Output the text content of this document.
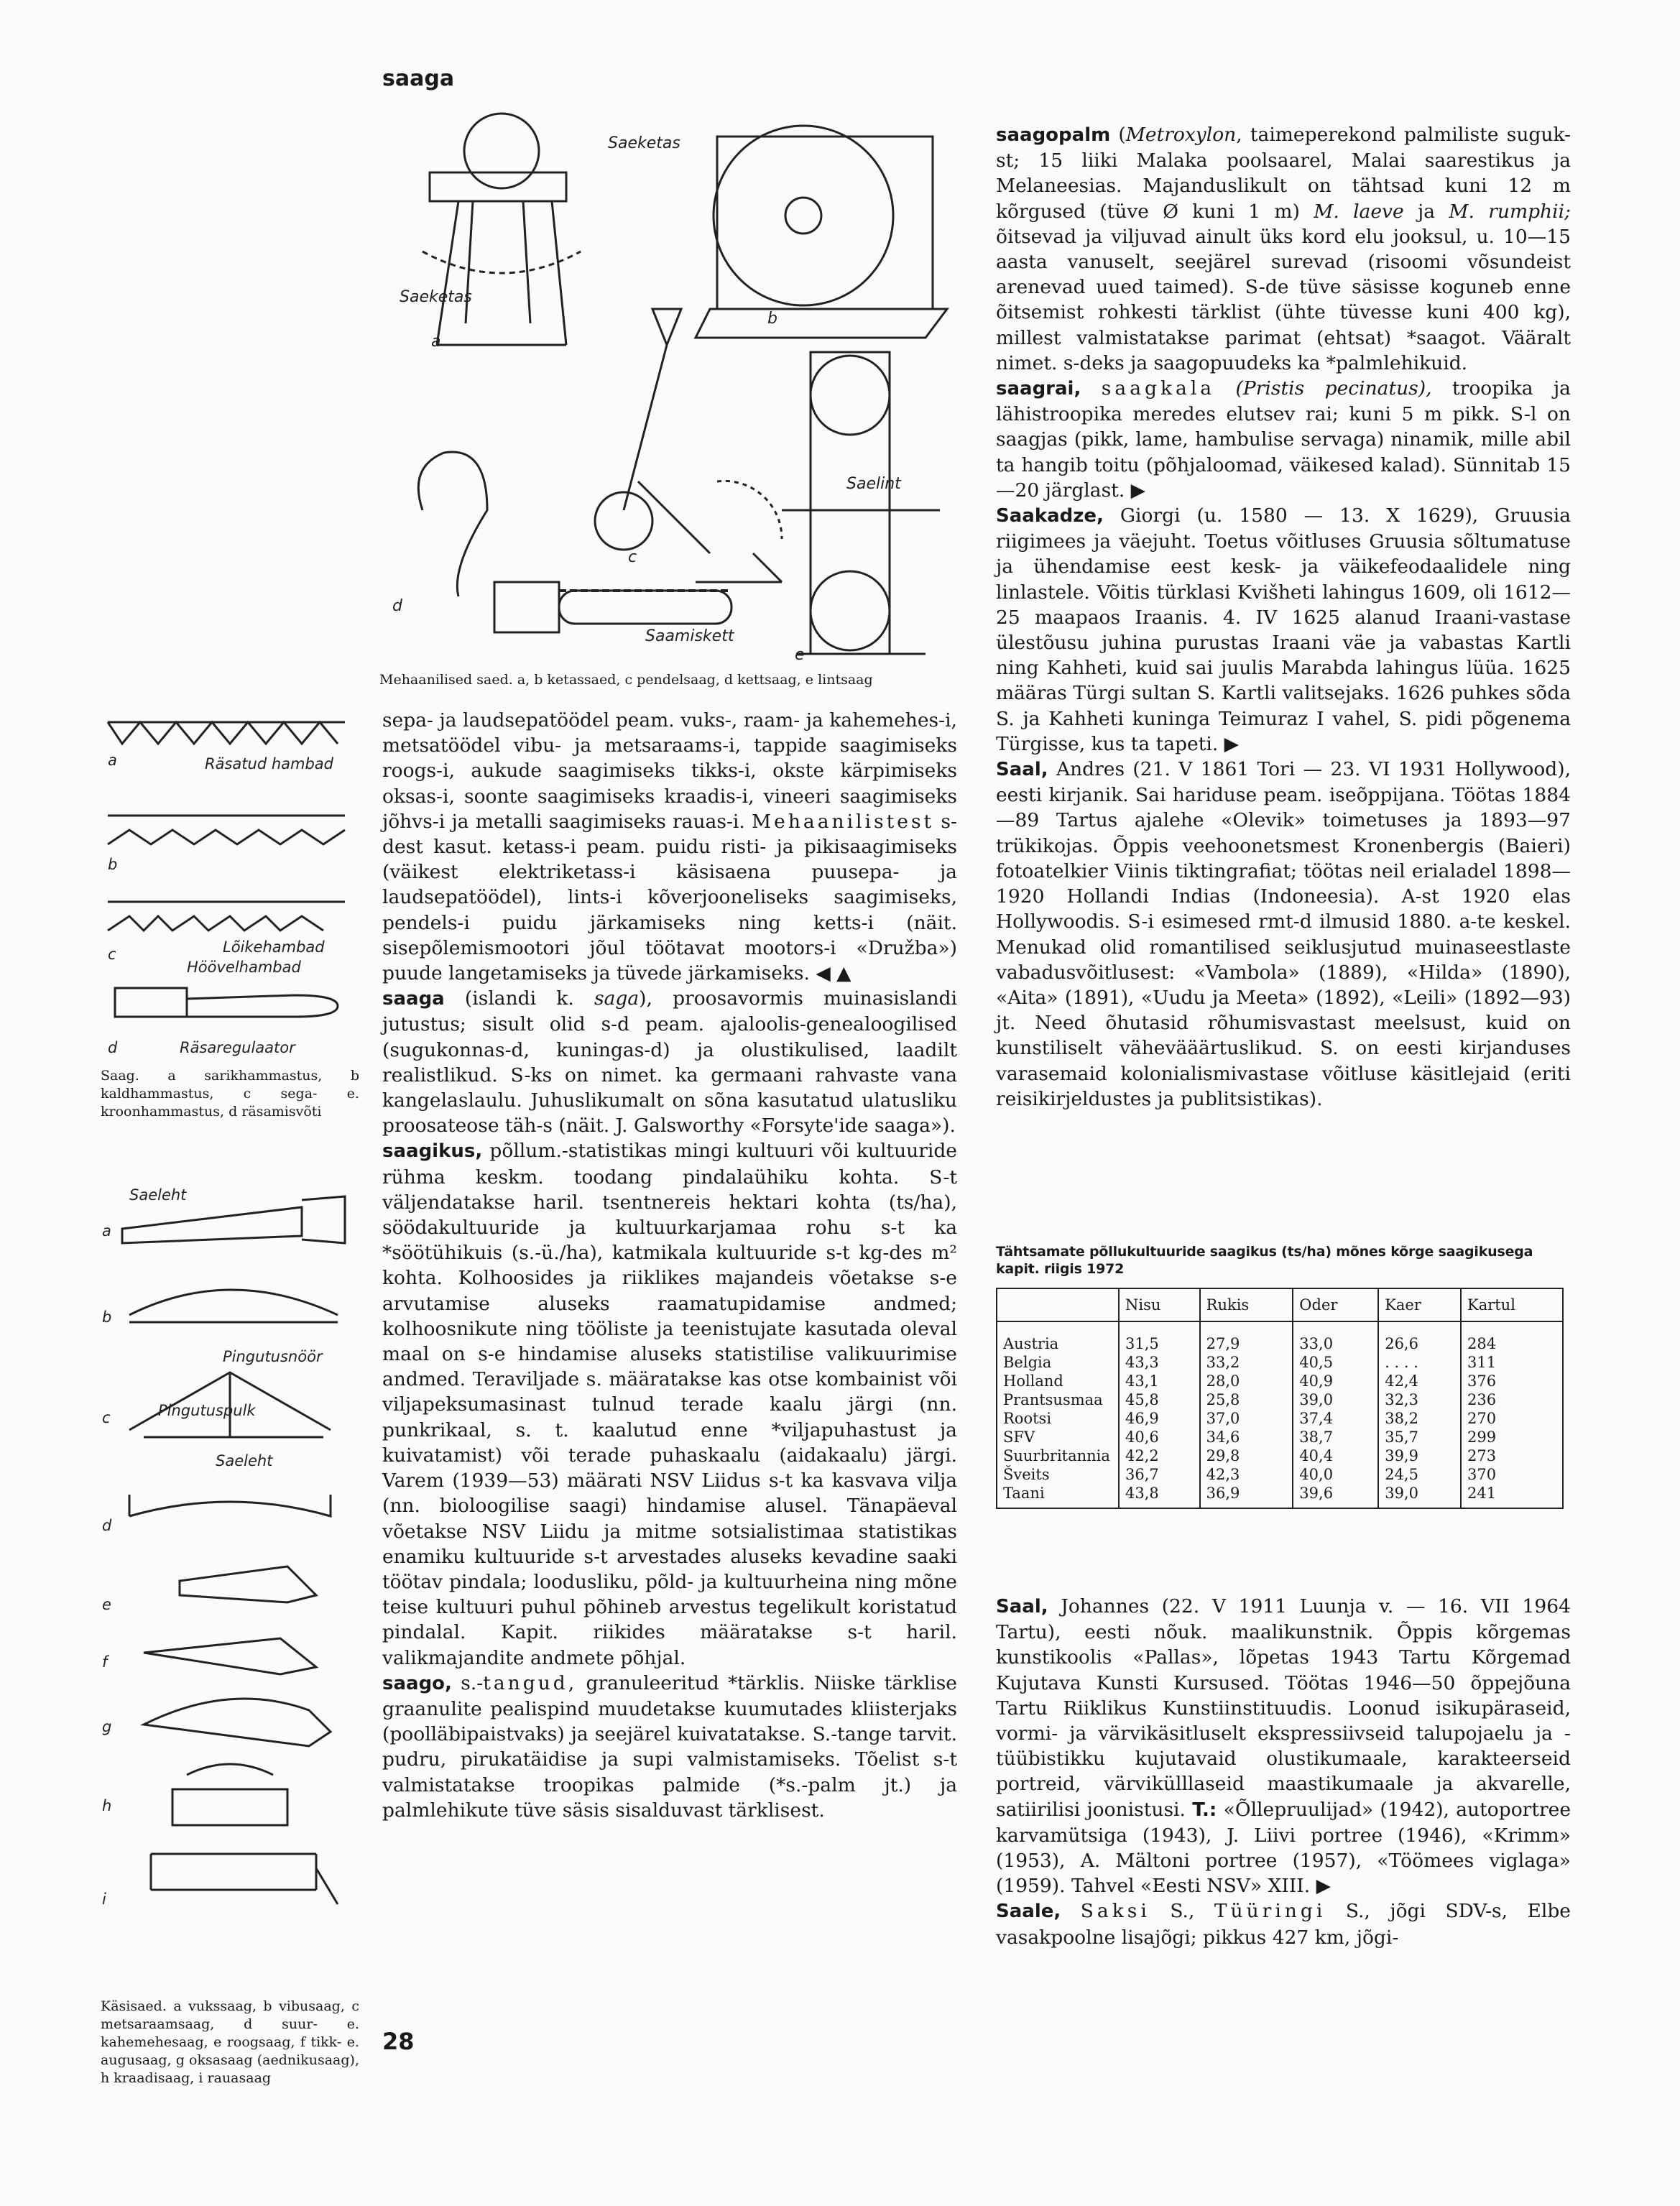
saaga
Saeketas
Saeketas
Saelint
Saamiskett
a
b
c
d
e
Mehaanilised saed. a, b ketassaed, c pendelsaag, d kettsaag, e lintsaag
a	Räsatud hambad
b
c	Lõikehambad
Höövelhambad
d	Räsaregulaator
Saag. a sarikhammastus, b kaldhammastus, c sega- e. kroonhammastus, d räsamisvõti
Saeleht
a
b
Pingutusnöör
c	Pingutuspulk
Saeleht
d
e
f
g
h
i
Käsisaed. a vukssaag, b vibusaag, c metsaraamsaag, d suur- e. kahemehesaag, e roogsaag, f tikk- e. augusaag, g oksasaag (aednikusaag), h kraadisaag, i rauasaag

sepa- ja laudsepatöödel peam. vuks-, raam- ja kahemehes-i, metsatöödel vibu- ja metsaraams-i, tappide saagimiseks roogs-i, aukude saagimiseks tikks-i, okste kärpimiseks oksas-i, soonte saagimiseks kraadis-i, vineeri saagimiseks jõhvs-i ja metalli saagimiseks rauas-i. Mehaanilistest s-dest kasut. ketass-i peam. puidu risti- ja pikisaagimiseks (väikest elektriketass-i käsisaena puusepa- ja laudsepatöödel), lints-i kõverjooneliseks saagimiseks, pendels-i puidu järkamiseks ning ketts-i (näit. sisepõlemismootori jõul töötavat mootors-i «Družba») puude langetamiseks ja tüvede järkamiseks. ◀ ▲

saaga (islandi k. saga), proosavormis muinasislandi jutustus; sisult olid s-d peam. ajaloolis-genealoogilised (sugukonnas-d, kuningas-d) ja olustikulised, laadilt realistlikud. S-ks on nimet. ka germaani rahvaste vana kangelaslaulu. Juhuslikumalt on sõna kasutatud ulatusliku proosateose täh-s (näit. J. Galsworthy «Forsyte'ide saaga»).

saagikus, põllum.-statistikas mingi kultuuri või kultuuride rühma keskm. toodang pindalaühiku kohta. S-t väljendatakse haril. tsentnereis hektari kohta (ts/ha), söödakultuuride ja kultuurkarjamaa rohu s-t ka *söötühikuis (s.-ü./ha), katmikala kultuuride s-t kg-des m² kohta. Kolhoosides ja riiklikes majandeis võetakse s-e arvutamise aluseks raamatupidamise andmed; kolhoosnikute ning tööliste ja teenistujate kasutada oleval maal on s-e hindamise aluseks statistilise valikuurimise andmed. Teraviljade s. määratakse kas otse kombainist või viljapeksumasinast tulnud terade kaalu järgi (nn. punkrikaal, s. t. kaalutud enne *viljapuhastust ja kuivatamist) või terade puhaskaalu (aidakaalu) järgi. Varem (1939—53) määrati NSV Liidus s-t ka kasvava vilja (nn. bioloogilise saagi) hindamise alusel. Tänapäeval võetakse NSV Liidu ja mitme sotsialistimaa statistikas enamiku kultuuride s-t arvestades aluseks kevadine saaki töötav pindala; loodusliku, põld- ja kultuurheina ning mõne teise kultuuri puhul põhineb arvestus tegelikult koristatud pindalal. Kapit. riikides määratakse s-t haril. valikmajandite andmete põhjal.

saago, s.-tangud, granuleeritud *tärklis. Niiske tärklise graanulite pealispind muudetakse kuumutades kliisterjaks (poolläbipaistvaks) ja seejärel kuivatatakse. S.-tange tarvit. pudru, pirukatäidise ja supi valmistamiseks. Tõelist s-t valmistatakse troopikas palmide (*s.-palm jt.) ja palmlehikute tüve säsis sisalduvast tärklisest.

saagopalm (Metroxylon, taimeperekond palmiliste suguk-st; 15 liiki Malaka poolsaarel, Malai saarestikus ja Melaneesias. Majanduslikult on tähtsad kuni 12 m kõrgused (tüve Ø kuni 1 m) M. laeve ja M. rumphii; õitsevad ja viljuvad ainult üks kord elu jooksul, u. 10—15 aasta vanuselt, seejärel surevad (risoomi võsundeist arenevad uued taimed). S-de tüve säsisse koguneb enne õitsemist rohkesti tärklist (ühte tüvesse kuni 400 kg), millest valmistatakse parimat (ehtsat) *saagot. Vääralt nimet. s-deks ja saagopuudeks ka *palmlehikuid.

saagrai, saagkala (Pristis pecinatus), troopika ja lähistroopika meredes elutsev rai; kuni 5 m pikk. S-l on saagjas (pikk, lame, hambulise servaga) ninamik, mille abil ta hangib toitu (põhjaloomad, väikesed kalad). Sünnitab 15—20 järglast. ▶

Saakadze, Giorgi (u. 1580 — 13. X 1629), Gruusia riigimees ja väejuht. Toetus võitluses Gruusia sõltumatuse ja ühendamise eest kesk- ja väikefeodaalidele ning linlastele. Võitis türklasi Kvišheti lahingus 1609, oli 1612—25 maapaos Iraanis. 4. IV 1625 alanud Iraani-vastase ülestõusu juhina purustas Iraani väe ja vabastas Kartli ning Kahheti, kuid sai juulis Marabda lahingus lüüa. 1625 määras Türgi sultan S. Kartli valitsejaks. 1626 puhkes sõda S. ja Kahheti kuninga Teimuraz I vahel, S. pidi põgenema Türgisse, kus ta tapeti. ▶

Saal, Andres (21. V 1861 Tori — 23. VI 1931 Hollywood), eesti kirjanik. Sai hariduse peam. iseõppijana. Töötas 1884—89 Tartus ajalehe «Olevik» toimetuses ja 1893—97 trükikojas. Õppis veehoonetsmest Kronenbergis (Baieri) fotoatelkier Viinis tiktingrafiat; töötas neil erialadel 1898—1920 Hollandi Indias (Indoneesia). A-st 1920 elas Hollywoodis. S-i esimesed rmt-d ilmusid 1880. a-te keskel. Menukad olid romantilised seiklusjutud muinaseestlaste vabadusvõitlusest: «Vambola» (1889), «Hilda» (1890), «Aita» (1891), «Uudu ja Meeta» (1892), «Leili» (1892—93) jt. Need õhutasid rõhumisvastast meelsust, kuid on kunstiliselt vähevääärtuslikud. S. on eesti kirjanduses varasemaid kolonialismivastase võitluse käsitlejaid (eriti reisikirjeldustes ja publitsistikas).

Tähtsamate põllukultuuride saagikus (ts/ha) mõnes kõrge saagikusega kapit. riigis 1972
	Nisu	Rukis	Oder	Kaer	Kartul
Austria	31,5	27,9	33,0	26,6	284
Belgia	43,3	33,2	40,5	. . . .	311
Holland	43,1	28,0	40,9	42,4	376
Prantsusmaa	45,8	25,8	39,0	32,3	236
Rootsi	46,9	37,0	37,4	38,2	270
SFV	40,6	34,6	38,7	35,7	299
Suurbritannia	42,2	29,8	40,4	39,9	273
Šveits	36,7	42,3	40,0	24,5	370
Taani	43,8	36,9	39,6	39,0	241

Saal, Johannes (22. V 1911 Luunja v. — 16. VII 1964 Tartu), eesti nõuk. maalikunstnik. Õppis kõrgemas kunstikoolis «Pallas», lõpetas 1943 Tartu Kõrgemad Kujutava Kunsti Kursused. Töötas 1946—50 õppejõuna Tartu Riiklikus Kunstiinstituudis. Loonud isikupäraseid, vormi- ja värvikäsitluselt ekspressiivseid talupojaelu ja -tüübistikku kujutavaid olustikumaale, karakteerseid portreid, värvikülllaseid maastikumaale ja akvarelle, satiirilisi joonistusi. T.: «Õllepruulijad» (1942), autoportree karvamütsiga (1943), J. Liivi portree (1946), «Krimm» (1953), A. Mältoni portree (1957), «Töömees viglaga» (1959). Tahvel «Eesti NSV» XIII. ▶

Saale, Saksi S., Tüüringi S., jõgi SDV-s, Elbe vasakpoolne lisajõgi; pikkus 427 km, jõgi-

28
